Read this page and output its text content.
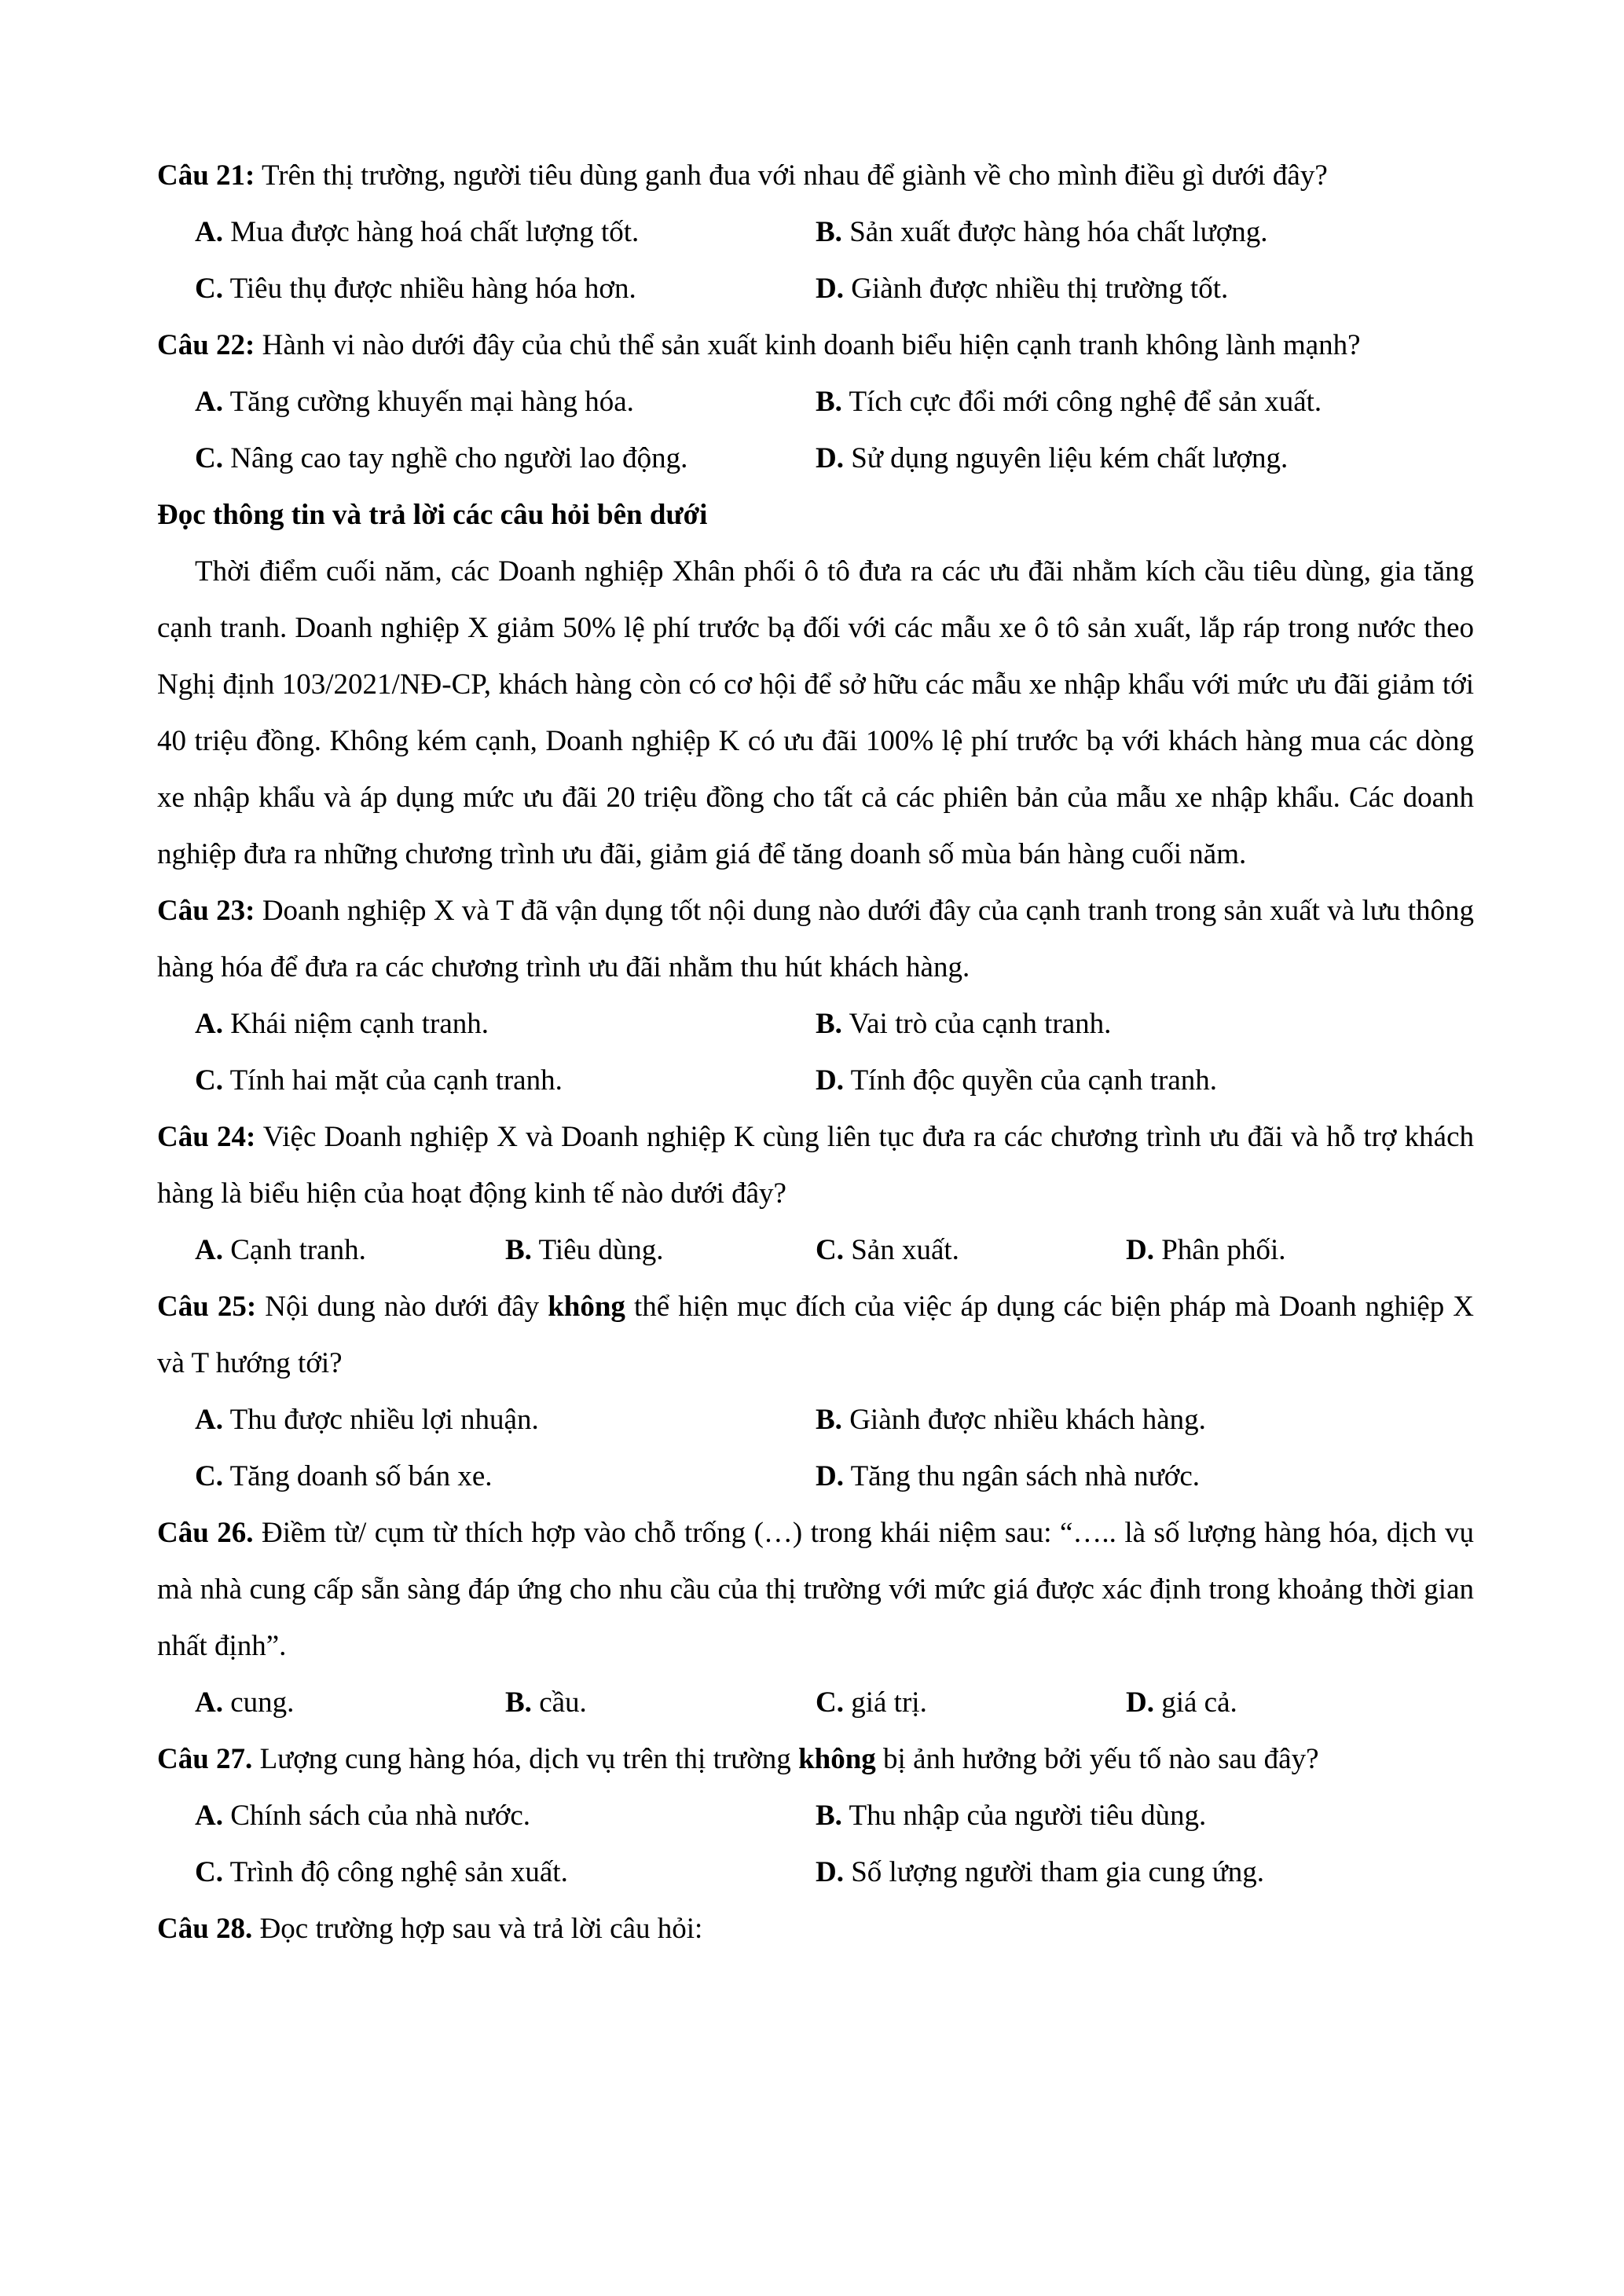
Câu 21: Trên thị trường, người tiêu dùng ganh đua với nhau để giành về cho mình điều gì dưới đây?

A. Mua được hàng hoá chất lượng tốt.	B. Sản xuất được hàng hóa chất lượng.
C. Tiêu thụ được nhiều hàng hóa hơn.	D. Giành được nhiều thị trường tốt.

Câu 22: Hành vi nào dưới đây của chủ thể sản xuất kinh doanh biểu hiện cạnh tranh không lành mạnh?

A. Tăng cường khuyến mại hàng hóa.	B. Tích cực đổi mới công nghệ để sản xuất.
C. Nâng cao tay nghề cho người lao động.	D. Sử dụng nguyên liệu kém chất lượng.

Đọc thông tin và trả lời các câu hỏi bên dưới

Thời điểm cuối năm, các Doanh nghiệp Xhân phối ô tô đưa ra các ưu đãi nhằm kích cầu tiêu dùng, gia tăng cạnh tranh. Doanh nghiệp X giảm 50% lệ phí trước bạ đối với các mẫu xe ô tô sản xuất, lắp ráp trong nước theo Nghị định 103/2021/NĐ-CP, khách hàng còn có cơ hội để sở hữu các mẫu xe nhập khẩu với mức ưu đãi giảm tới 40 triệu đồng. Không kém cạnh, Doanh nghiệp K có ưu đãi 100% lệ phí trước bạ với khách hàng mua các dòng xe nhập khẩu và áp dụng mức ưu đãi 20 triệu đồng cho tất cả các phiên bản của mẫu xe nhập khẩu. Các doanh nghiệp đưa ra những chương trình ưu đãi, giảm giá để tăng doanh số mùa bán hàng cuối năm.

Câu 23: Doanh nghiệp X và T đã vận dụng tốt nội dung nào dưới đây của cạnh tranh trong sản xuất và lưu thông hàng hóa để đưa ra các chương trình ưu đãi nhằm thu hút khách hàng.

A. Khái niệm cạnh tranh.	B. Vai trò của cạnh tranh.
C. Tính hai mặt của cạnh tranh.	D. Tính độc quyền của cạnh tranh.

Câu 24: Việc Doanh nghiệp X và Doanh nghiệp K cùng liên tục đưa ra các chương trình ưu đãi và hỗ trợ khách hàng là biểu hiện của hoạt động kinh tế nào dưới đây?

A. Cạnh tranh.	B. Tiêu dùng.	C. Sản xuất.	D. Phân phối.

Câu 25: Nội dung nào dưới đây không thể hiện mục đích của việc áp dụng các biện pháp mà Doanh nghiệp X và T hướng tới?

A. Thu được nhiều lợi nhuận.	B. Giành được nhiều khách hàng.
C. Tăng doanh số bán xe.	D. Tăng thu ngân sách nhà nước.

Câu 26. Điềm từ/ cụm từ thích hợp vào chỗ trống (…) trong khái niệm sau: “….. là số lượng hàng hóa, dịch vụ mà nhà cung cấp sẵn sàng đáp ứng cho nhu cầu của thị trường với mức giá được xác định trong khoảng thời gian nhất định”.

A. cung.	B. cầu.	C. giá trị.	D. giá cả.

Câu 27. Lượng cung hàng hóa, dịch vụ trên thị trường không bị ảnh hưởng bởi yếu tố nào sau đây?

A. Chính sách của nhà nước.	B. Thu nhập của người tiêu dùng.
C. Trình độ công nghệ sản xuất.	D. Số lượng người tham gia cung ứng.

Câu 28. Đọc trường hợp sau và trả lời câu hỏi:
